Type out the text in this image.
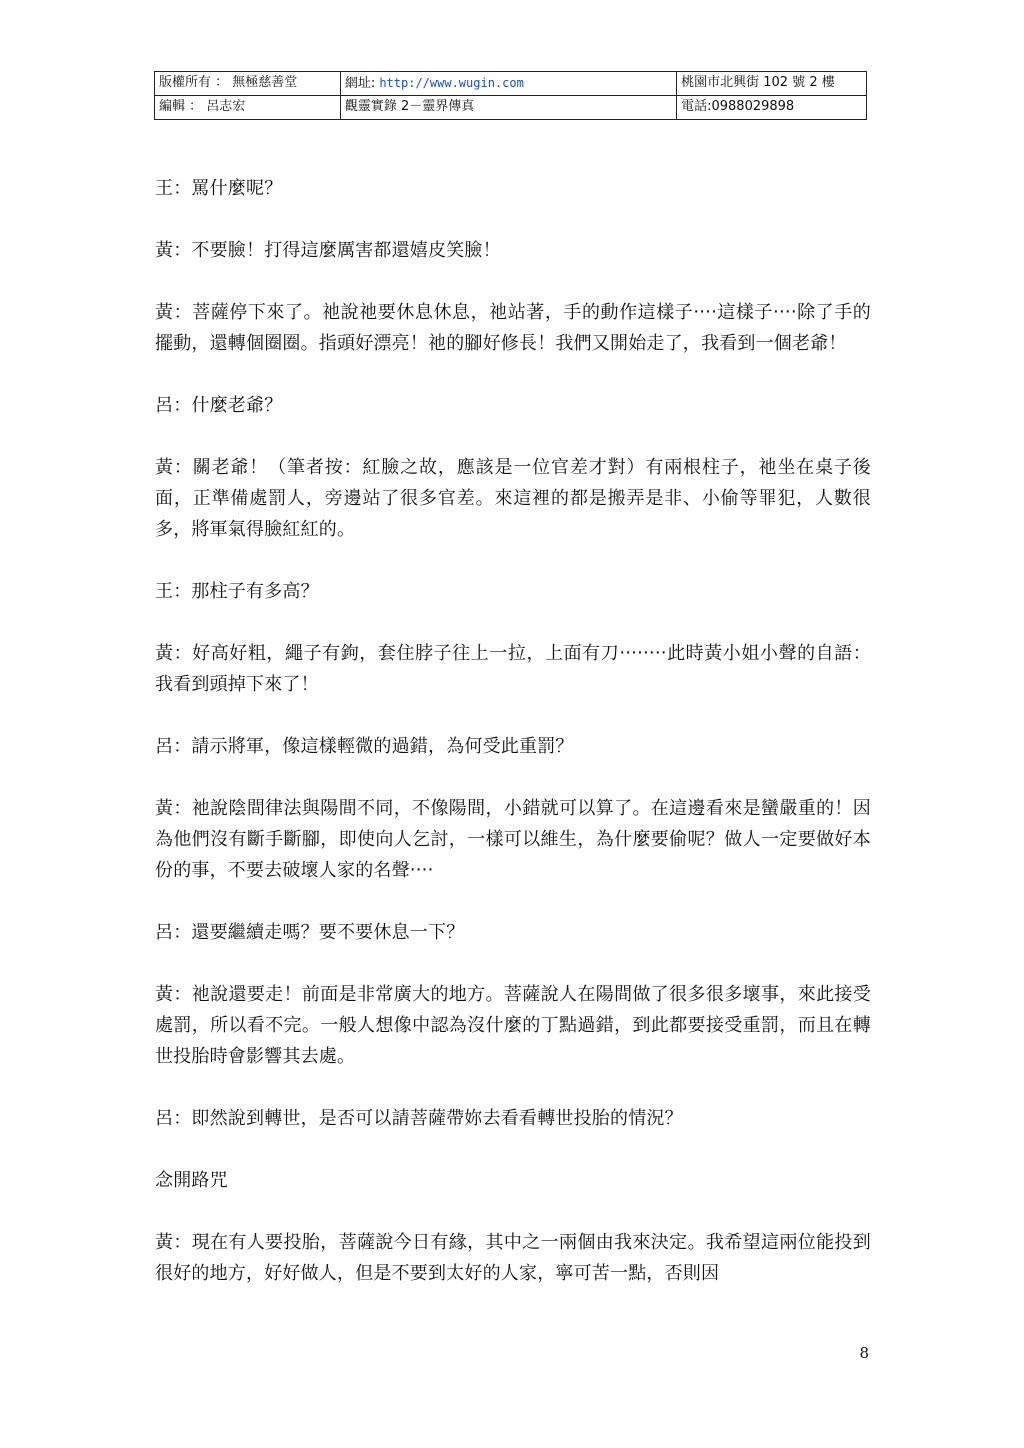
版權所有 ： 無極慈善堂	網址: http://www.wugin.com	桃園市北興街 102 號 2 樓
編輯 ： 呂志宏	觀靈實錄 2－靈界傳真	電話:0988029898

王：罵什麼呢？

黃：不要臉！打得這麼厲害都還嬉皮笑臉！

黃：菩薩停下來了。祂說祂要休息休息，祂站著，手的動作這樣子‧‧‧‧這樣子‧‧‧‧除了手的擺動，還轉個圈圈。指頭好漂亮！祂的腳好修長！我們又開始走了，我看到一個老爺！

呂：什麼老爺？

黃：關老爺！（筆者按：紅臉之故，應該是一位官差才對）有兩根柱子，祂坐在桌子後面，正準備處罰人，旁邊站了很多官差。來這裡的都是搬弄是非、小偷等罪犯，人數很多，將軍氣得臉紅紅的。

王：那柱子有多高？

黃：好高好粗，繩子有鉤，套住脖子往上一拉，上面有刀‧‧‧‧‧‧‧‧此時黃小姐小聲的自語：我看到頭掉下來了！

呂：請示將軍，像這樣輕微的過錯，為何受此重罰？

黃：祂說陰間律法與陽間不同，不像陽間，小錯就可以算了。在這邊看來是蠻嚴重的！因為他們沒有斷手斷腳，即使向人乞討，一樣可以維生，為什麼要偷呢？做人一定要做好本份的事，不要去破壞人家的名聲‧‧‧‧

呂：還要繼續走嗎？要不要休息一下？

黃：祂說還要走！前面是非常廣大的地方。菩薩說人在陽間做了很多很多壞事，來此接受處罰，所以看不完。一般人想像中認為沒什麼的丁點過錯，到此都要接受重罰，而且在轉世投胎時會影響其去處。

呂：即然說到轉世，是否可以請菩薩帶妳去看看轉世投胎的情況？

念開路咒

黃：現在有人要投胎，菩薩說今日有緣，其中之一兩個由我來決定。我希望這兩位能投到很好的地方，好好做人，但是不要到太好的人家，寧可苦一點，否則因

8
